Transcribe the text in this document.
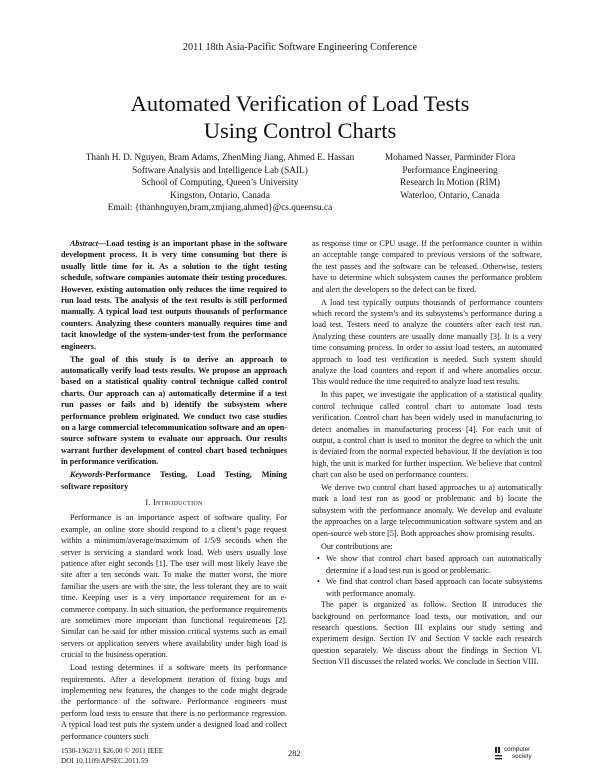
2011 18th Asia-Pacific Software Engineering Conference
Automated Verification of Load Tests
Using Control Charts
Thanh H. D. Nguyen, Bram Adams, ZhenMing Jiang, Ahmed E. Hassan
Software Analysis and Intelligence Lab (SAIL)
School of Computing, Queen’s University
Kingston, Ontario, Canada
Email: {thanhnguyen,bram,zmjiang,ahmed}@cs.queensu.ca
Mohamed Nasser, Parminder Flora
Performance Engineering
Research In Motion (RIM)
Waterloo, Ontario, Canada

Abstract—Load testing is an important phase in the software development process. It is very time consuming but there is usually little time for it. As a solution to the tight testing schedule, software companies automate their testing procedures. However, existing automation only reduces the time required to run load tests. The analysis of the test results is still performed manually. A typical load test outputs thousands of performance counters. Analyzing these counters manually requires time and tacit knowledge of the system-under-test from the performance engineers.

The goal of this study is to derive an approach to automatically verify load tests results. We propose an approach based on a statistical quality control technique called control charts. Our approach can a) automatically determine if a test run passes or fails and b) identify the subsystem where performance problem originated. We conduct two case studies on a large commercial telecommunication software and an open-source software system to evaluate our approach. Our results warrant further development of control chart based techniques in performance verification.

Keywords-Performance Testing, Load Testing, Mining software repository

I. Introduction

Performance is an importance aspect of software quality. For example, an online store should respond to a client’s page request within a minimum/average/maximum of 1/5/9 seconds when the server is servicing a standard work load. Web users usually lose patience after eight seconds [1]. The user will most likely leave the site after a ten seconds wait. To make the matter worst, the more familiar the users are with the site, the less tolerant they are to wait time. Keeping user is a very importance requirement for an e-commerce company. In such situation, the performance requirements are sometimes more important than functional requirements [2]. Similar can be said for other mission critical systems such as email servers or application servers where availability under high load is crucial to the business operation.

Load testing determines if a software meets its performance requirements. After a development iteration of fixing bugs and implementing new features, the changes to the code might degrade the performance of the software. Performance engineers must perform load tests to ensure that there is no performance regression. A typical load test puts the system under a designed load and collect performance counters such

as response time or CPU usage. If the performance counter is within an acceptable range compared to previous versions of the software, the test passes and the software can be released. Otherwise, testers have to determine which subsystem causes the performance problem and alert the developers so the defect can be fixed.

A load test typically outputs thousands of performance counters which record the system’s and its subsystems’s performance during a load test. Testers need to analyze the counters after each test run. Analyzing these counters are usually done manually [3]. It is a very time consuming process. In order to assist load testers, an automated approach to load test verification is needed. Such system should analyze the load counters and report if and where anomalies occur. This would reduce the time required to analyze load test results.

In this paper, we investigate the application of a statistical quality control technique called control chart to automate load tests verification. Control chart has been widely used in manufacturing to detect anomalies in manufacturing process [4]. For each unit of output, a control chart is used to monitor the degree to which the unit is deviated from the normal expected behaviour. If the deviation is too high, the unit is marked for further inspection. We believe that control chart can also be used on performance counters.

We derive two control chart based approaches to a) automatically mark a load test run as good or problematic and b) locate the subsystem with the performance anomaly. We develop and evaluate the approaches on a large telecommunication software system and an open-source web store [5]. Both approaches show promising results.

Our contributions are:

• We show that control chart based approach can automatically determine if a load test run is good or problematic.
• We find that control chart based approach can locate subsystems with performance anomaly.

The paper is organized as follow. Section II introduces the background on performance load tests, our motivation, and our research questions. Section III explains our study setting and experiment design. Section IV and Section V tackle each research question separately. We discuss about the findings in Section VI. Section VII discusses the related works. We conclude in Section VIII.

1530-1362/11 $26.00 © 2011 IEEE
DOI 10.1109/APSEC.2011.59
282	computer
society
